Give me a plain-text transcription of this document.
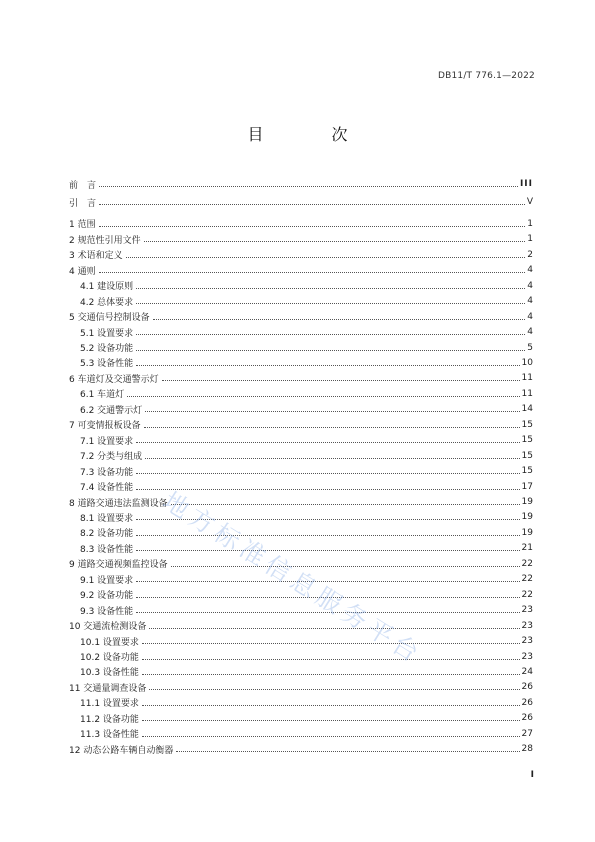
DB11/T 776.1—2022
目　次
前　言	III
引　言	V
1 范围	1
2 规范性引用文件	1
3 术语和定义	2
4 通则	4
4.1 建设原则	4
4.2 总体要求	4
5 交通信号控制设备	4
5.1 设置要求	4
5.2 设备功能	5
5.3 设备性能	10
6 车道灯及交通警示灯	11
6.1 车道灯	11
6.2 交通警示灯	14
7 可变情报板设备	15
7.1 设置要求	15
7.2 分类与组成	15
7.3 设备功能	15
7.4 设备性能	17
8 道路交通违法监测设备	19
8.1 设置要求	19
8.2 设备功能	19
8.3 设备性能	21
9 道路交通视频监控设备	22
9.1 设置要求	22
9.2 设备功能	22
9.3 设备性能	23
10 交通流检测设备	23
10.1 设置要求	23
10.2 设备功能	23
10.3 设备性能	24
11 交通量调查设备	26
11.1 设置要求	26
11.2 设备功能	26
11.3 设备性能	27
12 动态公路车辆自动衡器	28
地方标准信息服务平台
I
